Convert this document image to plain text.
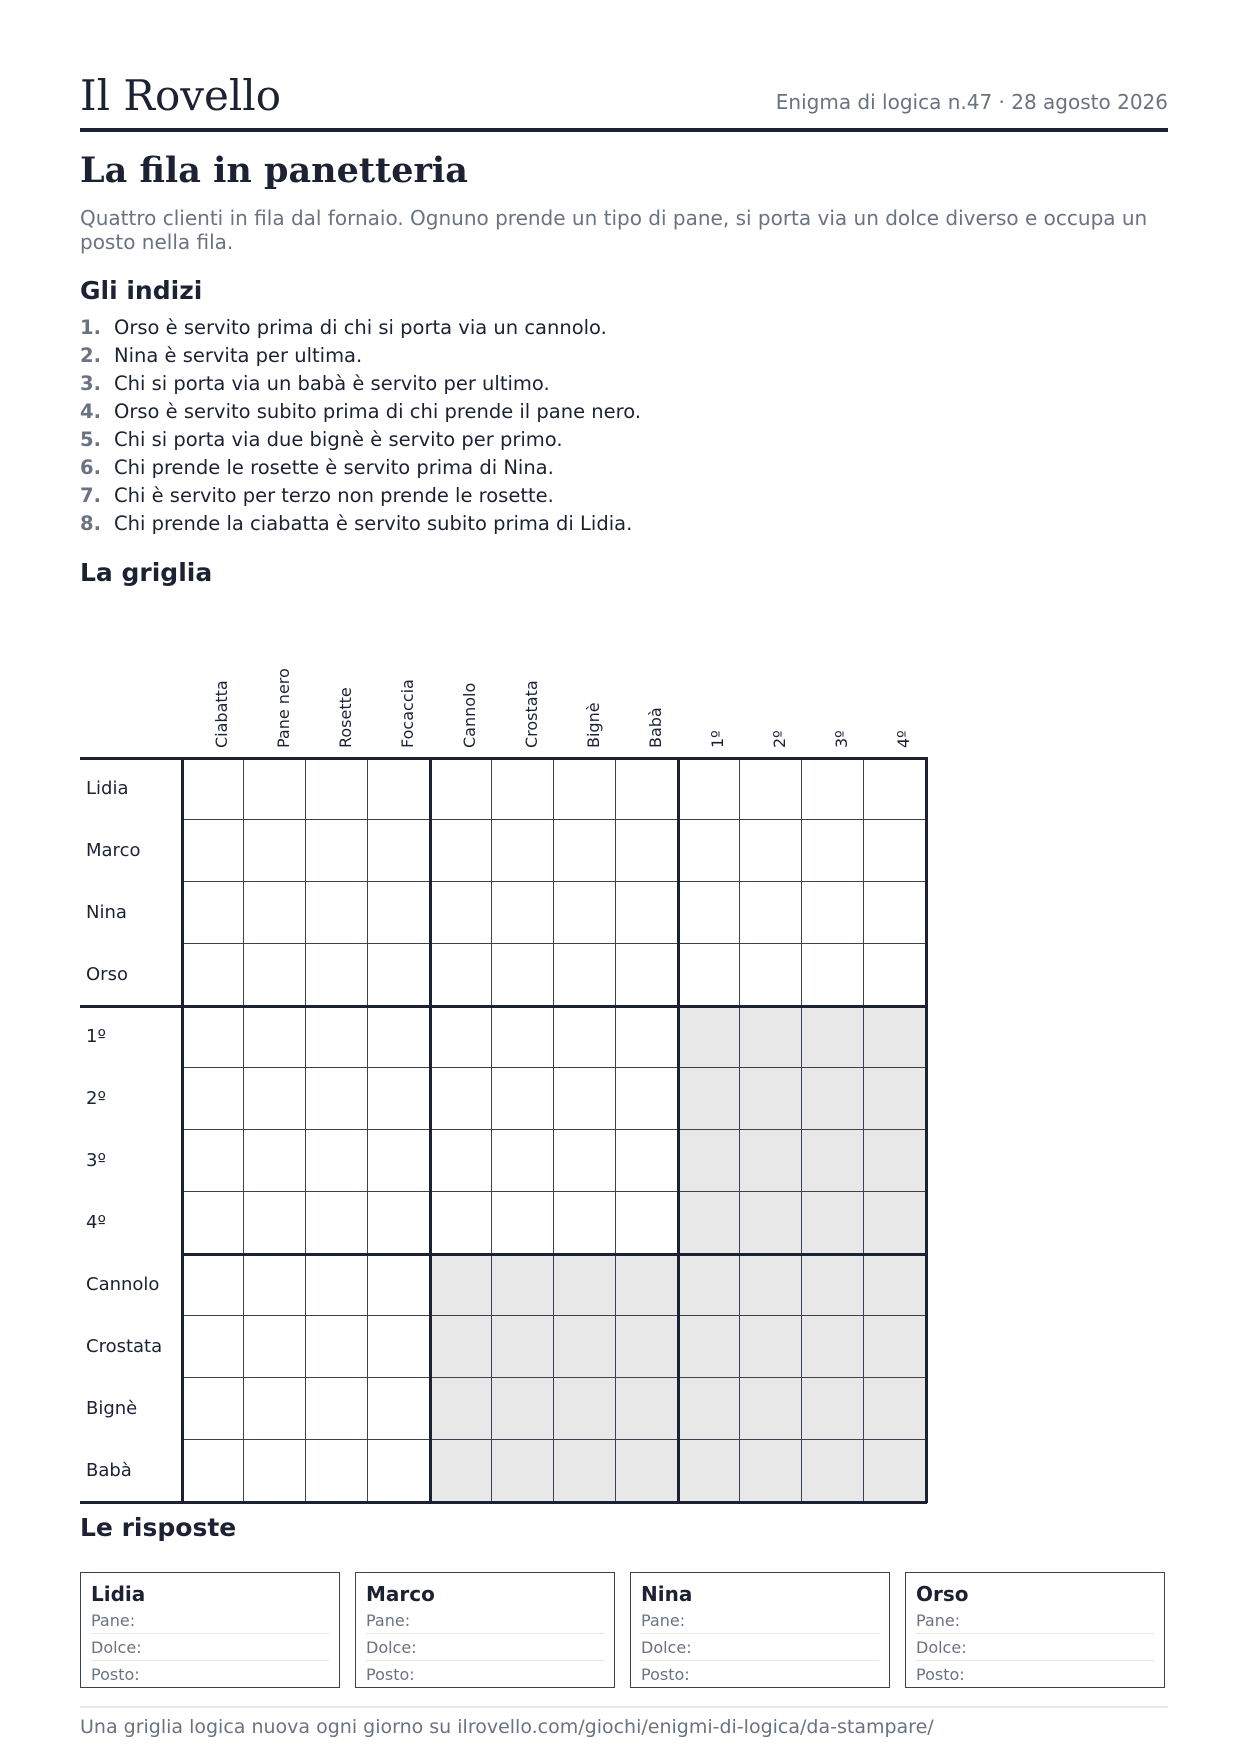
Il Rovello	Enigma di logica n.47 · 28 agosto 2026
La fila in panetteria

Quattro clienti in fila dal fornaio. Ognuno prende un tipo di pane, si porta via un dolce diverso e occupa un posto nella fila.

Gli indizi
1. Orso è servito prima di chi si porta via un cannolo.
2. Nina è servita per ultima.
3. Chi si porta via un babà è servito per ultimo.
4. Orso è servito subito prima di chi prende il pane nero.
5. Chi si porta via due bignè è servito per primo.
6. Chi prende le rosette è servito prima di Nina.
7. Chi è servito per terzo non prende le rosette.
8. Chi prende la ciabatta è servito subito prima di Lidia.
La griglia
Ciabatta	Pane nero	Rosette	Focaccia	Cannolo	Crostata	Bignè	Babà	1º	2º	3º	4º
Lidia
Marco
Nina
Orso
1º
2º
3º
4º
Cannolo
Crostata
Bignè
Babà
Le risposte
Lidia
Pane:
Dolce:
Posto:
Marco
Pane:
Dolce:
Posto:
Nina
Pane:
Dolce:
Posto:
Orso
Pane:
Dolce:
Posto:
Una griglia logica nuova ogni giorno su ilrovello.com/giochi/enigmi-di-logica/da-stampare/
